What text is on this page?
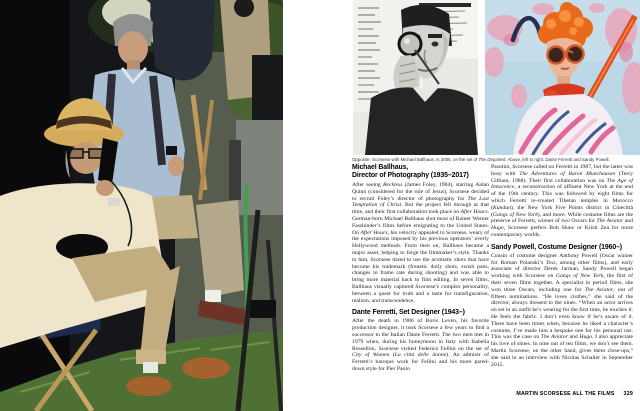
Opposite: Scorsese with Michael Ballhaus, in 2005, on the set of The Departed. Above, left to right: Dante Ferretti and Sandy Powell.
Michael Ballhaus,
Director of Photography (1935–2017)

After seeing Reckless (James Foley, 1984), starring Aidan Quinn (considered for the role of Jesus), Scorsese decided to recruit Foley’s director of photography for The Last Temptation of Christ. But the project fell through at that time, and their first collaboration took place on After Hours. German-born Michael Ballhaus shot most of Rainer Werner Fassbinder’s films before emigrating to the United States. On After Hours, his velocity appealed to Scorsese, weary of the expectations imposed by his previous operators’ overly Hollywood methods. From then on, Ballhaus became a major asset, helping to forge the filmmaker’s style. Thanks to him, Scorsese dared to use the acrobatic shots that have become his trademark (frenetic dolly shots, swish pans, changes in frame rate during shooting) and was able to bring more material back to film editing. In seven films, Ballhaus visually captured Scorsese’s complex personality, between a quest for truth and a taste for transfiguration, realism, and transcendence.

Dante Ferretti, Set Designer (1943–)

After the death in 1986 of Boris Leven, his favorite production designer, it took Scorsese a few years to find a successor in the Italian Dante Ferretti. The two men met in 1979 when, during his honeymoon in Italy with Isabella Rossellini, Scorsese visited Federico Fellini on the set of City of Women (La città delle donne). An admirer of Ferretti’s baroque work for Fellini and his more pared-down style for Pier Paolo

Pasolini, Scorsese called on Ferretti in 1987, but the latter was busy with The Adventures of Baron Munchausen (Terry Gilliam, 1988). Their first collaboration was on The Age of Innocence, a reconstruction of affluent New York at the end of the 19th century. This was followed by eight films for which Ferretti re-created Tibetan temples in Morocco (Kundun), the New York Five Points district in Cinecittà (Gangs of New York), and more. While costume films are the preserve of Ferretti, winner of two Oscars for The Aviator and Hugo, Scorsese prefers Bob Shaw or Kristi Zea for more contemporary worlds.

Sandy Powell, Costume Designer (1960–)

Cousin of costume designer Anthony Powell (Oscar winner for Roman Polanski’s Tess, among other films), and early associate of director Derek Jarman, Sandy Powell began working with Scorsese on Gangs of New York, the first of their seven films together. A specialist in period films, she won three Oscars, including one for The Aviator, out of fifteen nominations. “He loves clothes,” she said of the director, always dressed to the nines. “When an actor arrives on set in an outfit he’s wearing for the first time, he touches it. He feels the fabric. I don’t even know if he’s aware of it. There have been times when, because he liked a character’s costume, I’ve made him a bespoke one for his personal use. This was the case on The Aviator and Hugo. I also appreciate his love of shoes. In nine out of ten films, we don’t see them. Martin Scorsese, on the other hand, gives them close-ups,” she said in an interview with Nicolas Schaller in September 2015.

MARTIN SCORSESE ALL THE FILMS 329
